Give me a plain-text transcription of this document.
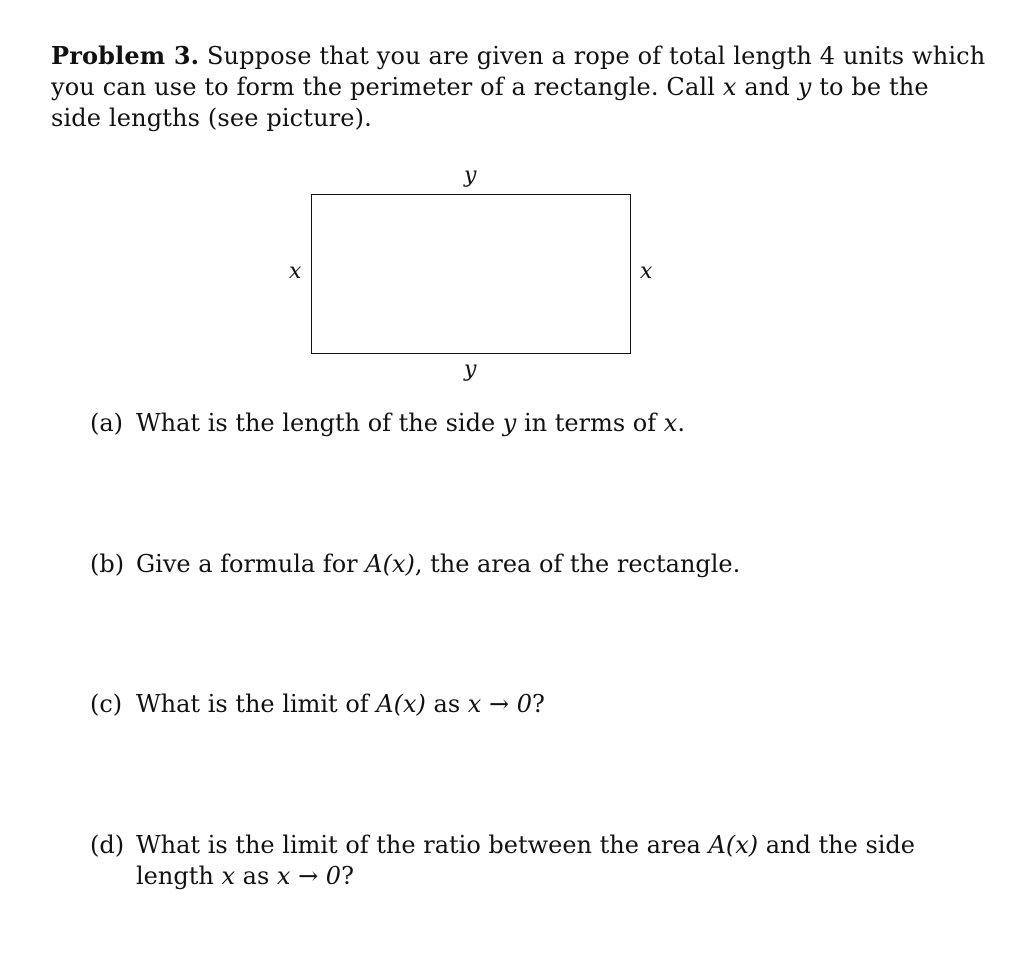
Problem 3. Suppose that you are given a rope of total length 4 units which
you can use to form the perimeter of a rectangle. Call x and y to be the
side lengths (see picture).
y
y
x	x
(a) What is the length of the side y in terms of x.
(b) Give a formula for A(x), the area of the rectangle.
(c) What is the limit of A(x) as x → 0?
(d) What is the limit of the ratio between the area A(x) and the side
length x as x → 0?
